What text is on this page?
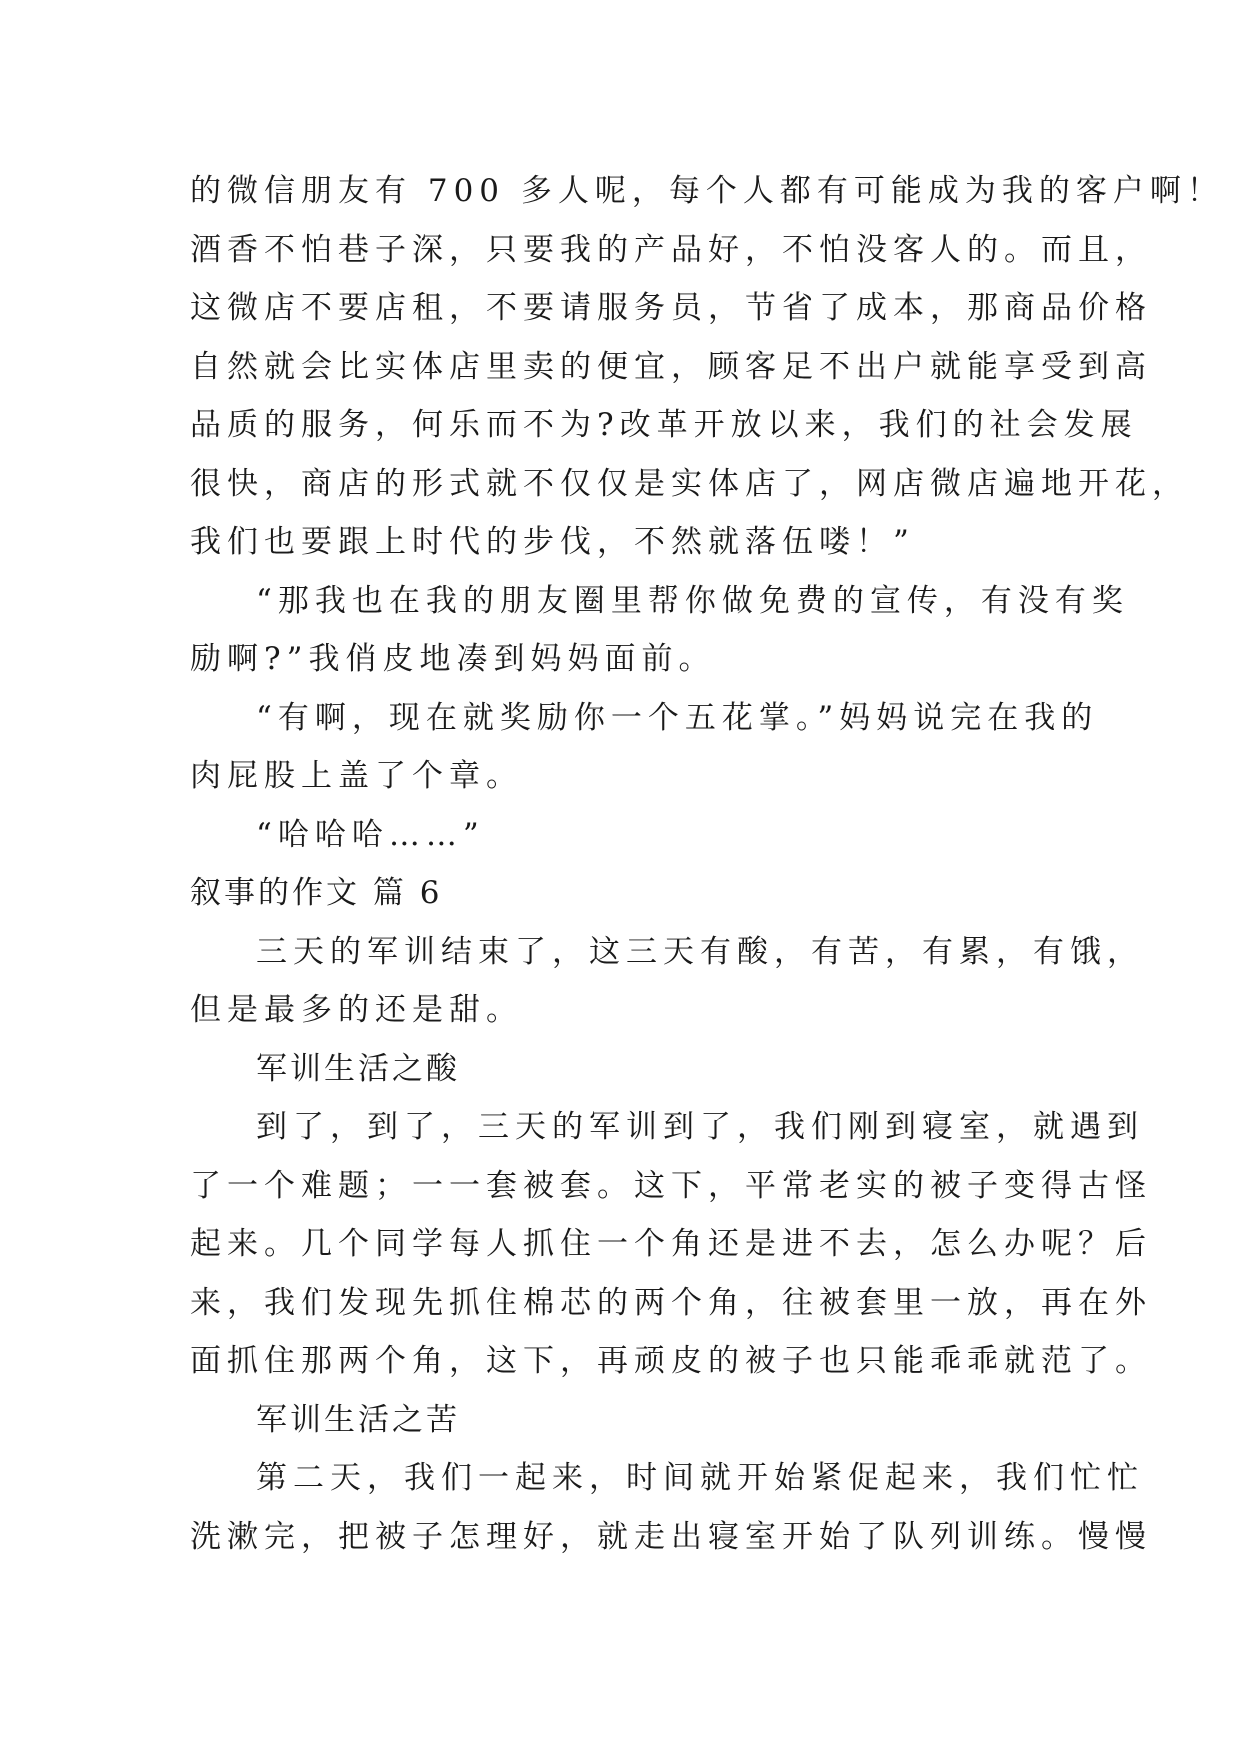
的微信朋友有 700 多人呢，每个人都有可能成为我的客户啊！
酒香不怕巷子深，只要我的产品好，不怕没客人的。而且，
这微店不要店租，不要请服务员，节省了成本，那商品价格
自然就会比实体店里卖的便宜，顾客足不出户就能享受到高
品质的服务，何乐而不为?改革开放以来，我们的社会发展
很快，商店的形式就不仅仅是实体店了，网店微店遍地开花，
我们也要跟上时代的步伐，不然就落伍喽！”
“那我也在我的朋友圈里帮你做免费的宣传，有没有奖
励啊?”我俏皮地凑到妈妈面前。
“有啊，现在就奖励你一个五花掌。”妈妈说完在我的
肉屁股上盖了个章。
“哈哈哈……”
叙事的作文 篇 6
三天的军训结束了，这三天有酸，有苦，有累，有饿，
但是最多的还是甜。
军训生活之酸
到了，到了，三天的军训到了，我们刚到寝室，就遇到
了一个难题；一一套被套。这下，平常老实的被子变得古怪
起来。几个同学每人抓住一个角还是进不去，怎么办呢？后
来，我们发现先抓住棉芯的两个角，往被套里一放，再在外
面抓住那两个角，这下，再顽皮的被子也只能乖乖就范了。
军训生活之苦
第二天，我们一起来，时间就开始紧促起来，我们忙忙
洗漱完，把被子怎理好，就走出寝室开始了队列训练。慢慢
